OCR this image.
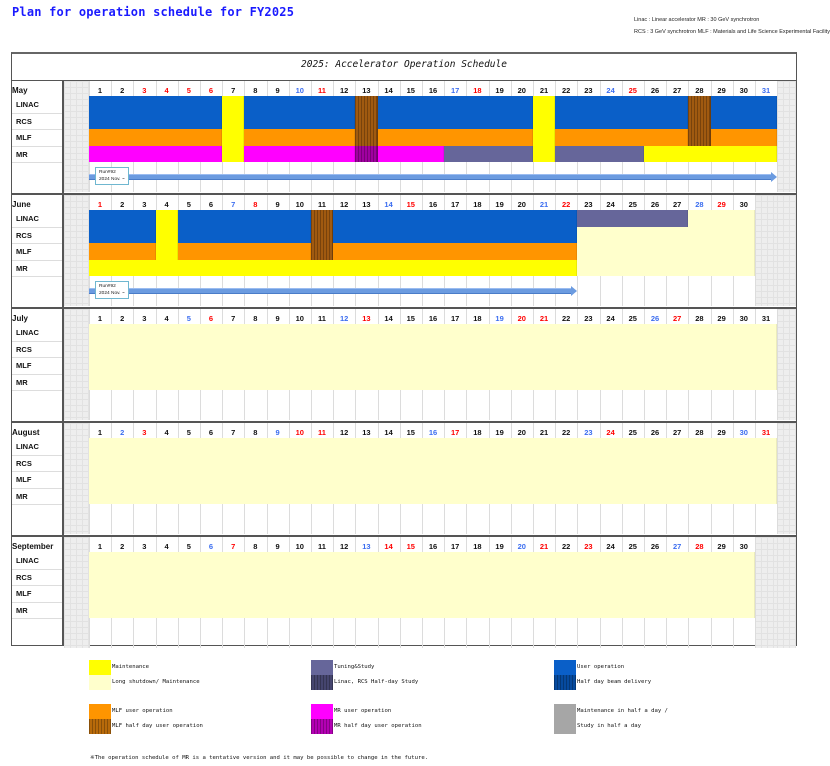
Plan for operation schedule for FY2025
Linac : Linear accelerator MR : 30 GeV synchrotron
RCS : 3 GeV synchrotron MLF : Materials and Life Science Experimental Facility
2025: Accelerator Operation Schedule
May	1	2	3	4	5	6	7	8	9	10	11	12	13	14	15	16	17	18	19	20	21	22	23	24	25	26	27	28	29	30	31
LINAC
RCS
MLF
MR
Run#92
2024 Nov. ~
June	1	2	3	4	5	6	7	8	9	10	11	12	13	14	15	16	17	18	19	20	21	22	23	24	25	26	27	28	29	30
LINAC
RCS
MLF
MR
Run#92
2024 Nov. ~
July	1	2	3	4	5	6	7	8	9	10	11	12	13	14	15	16	17	18	19	20	21	22	23	24	25	26	27	28	29	30	31
LINAC
RCS
MLF
MR
August	1	2	3	4	5	6	7	8	9	10	11	12	13	14	15	16	17	18	19	20	21	22	23	24	25	26	27	28	29	30	31
LINAC
RCS
MLF
MR
September	1	2	3	4	5	6	7	8	9	10	11	12	13	14	15	16	17	18	19	20	21	22	23	24	25	26	27	28	29	30
LINAC
RCS
MLF
MR
Maintenance
Long shutdown/ Maintenance
Tuning&Study
Linac, RCS Half-day Study
User operation
Half day beam delivery
MLF user operation
MLF half day user operation
MR user operation
MR half day user operation
Maintenance in half a day /
Study in half a day
※The operation schedule of MR is a tentative version and it may be possible to change in the future.
